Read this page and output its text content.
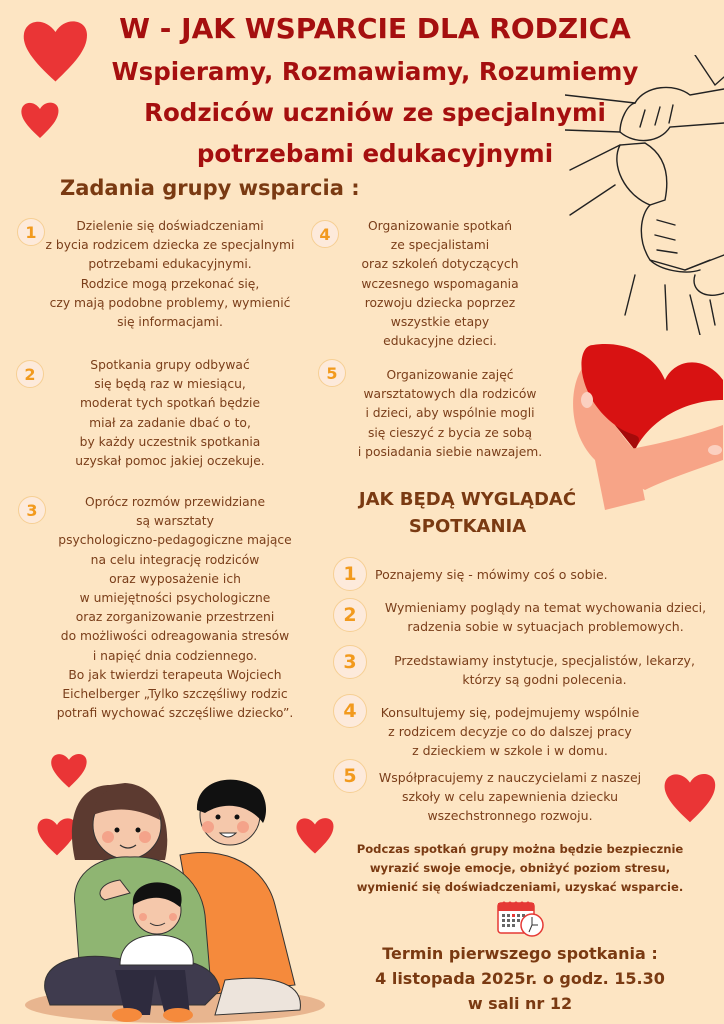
W - JAK WSPARCIE DLA RODZICA
Wspieramy, Rozmawiamy, Rozumiemy
Rodziców uczniów ze specjalnymi
potrzebami edukacyjnymi
Zadania grupy wsparcia :
1	Dzielenie się doświadczeniami
z bycia rodzicem dziecka ze specjalnymi
potrzebami edukacyjnymi.
Rodzice mogą przekonać się,
czy mają podobne problemy, wymienić
się informacjami.
2	Spotkania grupy odbywać
się będą raz w miesiącu,
moderat tych spotkań będzie
miał za zadanie dbać o to,
by każdy uczestnik spotkania
uzyskał pomoc jakiej oczekuje.
3	Oprócz rozmów przewidziane
są warsztaty
psychologiczno-pedagogiczne mające
na celu integrację rodziców
oraz wyposażenie ich
w umiejętności psychologiczne
oraz zorganizowanie przestrzeni
do możliwości odreagowania stresów
i napięć dnia codziennego.
Bo jak twierdzi terapeuta Wojciech
Eichelberger „Tylko szczęśliwy rodzic
potrafi wychować szczęśliwe dziecko”.
4	Organizowanie spotkań
ze specjalistami
oraz szkoleń dotyczących
wczesnego wspomagania
rozwoju dziecka poprzez
wszystkie etapy
edukacyjne dzieci.
5	Organizowanie zajęć
warsztatowych dla rodziców
i dzieci, aby wspólnie mogli
się cieszyć z bycia ze sobą
i posiadania siebie nawzajem.
JAK BĘDĄ WYGLĄDAĆ
SPOTKANIA
1	Poznajemy się - mówimy coś o sobie.
2	Wymieniamy poglądy na temat wychowania dzieci,
radzenia sobie w sytuacjach problemowych.
3	Przedstawiamy instytucje, specjalistów, lekarzy,
którzy są godni polecenia.
4	Konsultujemy się, podejmujemy wspólnie
z rodzicem decyzje co do dalszej pracy
z dzieckiem w szkole i w domu.
5	Współpracujemy z nauczycielami z naszej
szkoły w celu zapewnienia dziecku
wszechstronnego rozwoju.
Podczas spotkań grupy można będzie bezpiecznie
wyrazić swoje emocje, obniżyć poziom stresu,
wymienić się doświadczeniami, uzyskać wsparcie.
Termin pierwszego spotkania :
4 listopada 2025r. o godz. 15.30
w sali nr 12
